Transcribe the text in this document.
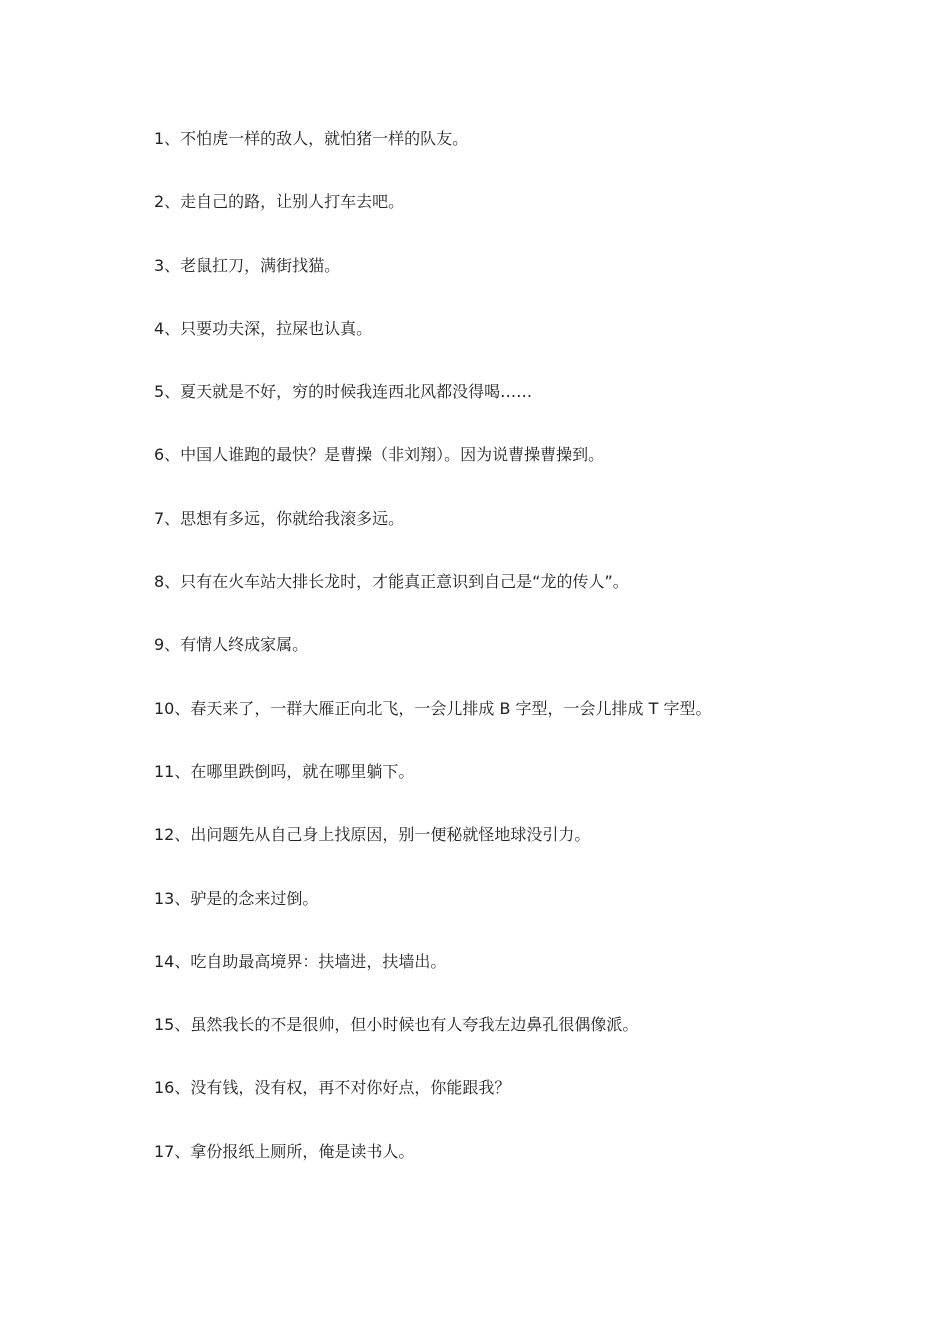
1、不怕虎一样的敌人，就怕猪一样的队友。
2、走自己的路，让别人打车去吧。
3、老鼠扛刀，满街找猫。
4、只要功夫深，拉屎也认真。
5、夏天就是不好，穷的时候我连西北风都没得喝……
6、中国人谁跑的最快？是曹操（非刘翔）。因为说曹操曹操到。
7、思想有多远，你就给我滚多远。
8、只有在火车站大排长龙时，才能真正意识到自己是“龙的传人”。
9、有情人终成家属。
10、春天来了，一群大雁正向北飞，一会儿排成 B 字型，一会儿排成 T 字型。
11、在哪里跌倒吗，就在哪里躺下。
12、出问题先从自己身上找原因，别一便秘就怪地球没引力。
13、驴是的念来过倒。
14、吃自助最高境界：扶墙进，扶墙出。
15、虽然我长的不是很帅，但小时候也有人夸我左边鼻孔很偶像派。
16、没有钱，没有权，再不对你好点，你能跟我？
17、拿份报纸上厕所，俺是读书人。
